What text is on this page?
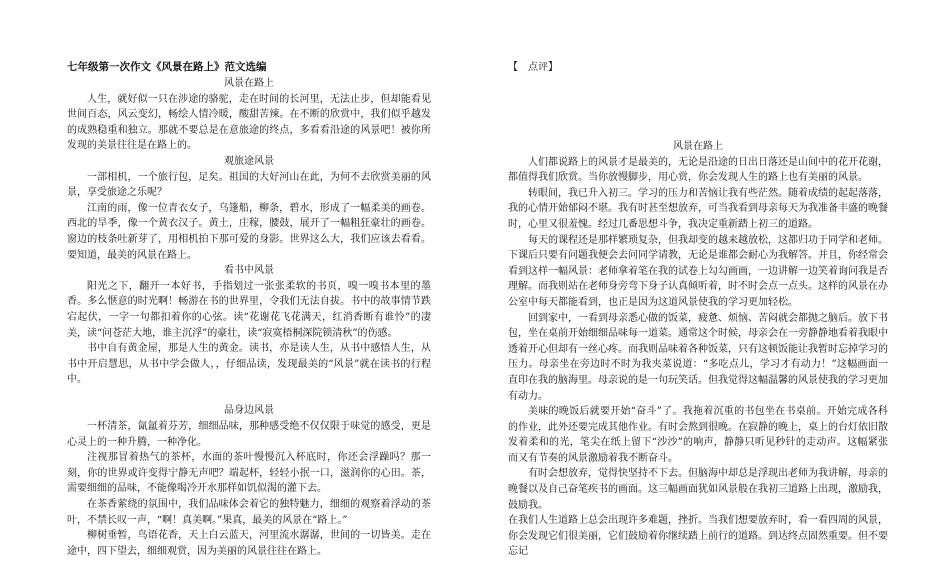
七年级第一次作文《风景在路上》范文选编
风景在路上

人生，就好似一只在涉途的骆驼，走在时间的长河里，无法止步，但却能看见世间百态，风云变幻，畅绘人情冷暖，酸甜苦辣。在不断的欣赏中，我们似乎越发的成熟稳重和独立。那就不要总是在意旅途的终点，多看看沿途的风景吧！被你所发现的美景往往是在路上的。

观旅途风景

一部相机，一个旅行包，足矣。祖国的大好河山在此，为何不去欣赏美丽的风景，享受旅途之乐呢？

江南的雨，像一位青衣女子，乌篷船，柳条，碧水，形成了一幅柔美的画卷。西北的旱季，像一个黄衣汉子。黄土，庄稼，腰鼓，展开了一幅粗狂豪壮的画卷。窗边的枝条吐新芽了，用相机拍下那可爱的身影。世界这么大，我们应该去看看。要知道，最美的风景在路上。

看书中风景

阳光之下，翻开一本好书，手指划过一张张柔软的书页，嗅一嗅书本里的墨香。多么惬意的时光啊！畅游在书的世界里，令我们无法自拔。书中的故事情节跌宕起伏，一字一句都扣着你的心弦。读“花谢花飞花满天，红消香断有谁怜”的凄美，读“问苍茫大地，谁主沉浮”的豪壮，读“寂寞梧桐深院锁清秋”的伤感。

书中自有黄金屋，那是人生的黄金。读书，亦是读人生，从书中感悟人生，从书中开启慧思，从书中学会做人，，仔细品读，发现最美的“风景”就在读书的行程中。

品身边风景

一杯清茶，氤氲着芬芳，细细品味，那种感受绝不仅仅限于味觉的感受，更是心灵上的一种升腾，一种净化。

注视那冒着热气的茶杯，水面的茶叶慢慢沉入杯底时，你还会浮躁吗？那一刻，你的世界或许变得宁静无声吧？端起杯，轻轻小抿一口，滋润你的心田。茶，需要细细的品味，不能像喝冷开水那样如饥似渴的灌下去。

在茶香萦绕的氛围中，我们品味体会着它的独特魅力，细细的观察着浮动的茶叶，不禁长叹一声，“啊！真美啊。”果真，最美的风景在“路上。”

柳树垂暂，鸟语花香，天上白云蓝天，河里流水潺潺，世间的一切皆美。走在途中，四下望去，细细观赏，因为美丽的风景往往在路上。

【　点评】
风景在路上

人们都说路上的风景才是最美的，无论是沿途的日出日落还是山间中的花开花谢，都值得我们欣赏。当你放慢脚步，用心赏，你会发现人生的路上也有美丽的风景。

转眼间，我已升入初三。学习的压力和苦恼让我有些茫然。随着成绩的起起落落，我的心情开始郁闷不堪。我有时甚至想放弃，可当我看到母亲每天为我准备丰盛的晚餐时，心里又很羞愧。经过几番思想斗争，我决定重新踏上初三的道路。

每天的课程还是那样繁琐复杂，但我却变的越来越放松，这都归功于同学和老师。下课后只要有问题我便会去问同学请教，无论是谁都会耐心为我解答。并且，你经常会看到这样一幅风景：老师拿着笔在我的试卷上勾勾画画，一边讲解一边笑着询问我是否理解。而我则站在老师身旁弯下身子认真倾听着，时不时会点一点头。这样的风景在办公室中每天都能看到，也正是因为这道风景使我的学习更加轻松。

回到家中，一看到母亲悉心做的饭菜，疲惫、烦恼、苦闷就会都抛之脑后。放下书包，坐在桌前开始细细品味每一道菜。通常这个时候，母亲会在一旁静静地看着我眼中透着开心但却有一丝心疼。而我则品味着各种饭菜，只有这顿饭能让我暂时忘掉学习的压力。母亲坐在旁边时不时为我夹菜说道：“多吃点儿，学习才有动力！”这幅画面一直印在我的脑海里。母亲说的是一句玩笑话。但我觉得这幅温馨的风景使我的学习更加有动力。

美味的晚饭后就要开始“奋斗”了。我拖着沉重的书包坐在书桌前。开始完成各科的作业，此外还要完成其他作业。有时会熬到很晚。在寂静的晚上，桌上的台灯依旧散发着柔和的光，笔尖在纸上留下“沙沙”的响声，静静只听见秒针的走动声。这幅紧张而又有节奏的风景激励着我不断奋斗。

有时会想放弃，觉得快坚持不下去。但脑海中却总是浮现出老师为我讲解，母亲的晚餐以及自己奋笔疾书的画面。这三幅画面犹如风景般在我初三道路上出现，激励我，鼓励我。

在我们人生道路上总会出现许多难题，挫折。当我们想要放弃时，看一看四周的风景，你会发现它们很美丽，它们鼓励着你继续踏上前行的道路。到达终点固然重要。但不要忘记
